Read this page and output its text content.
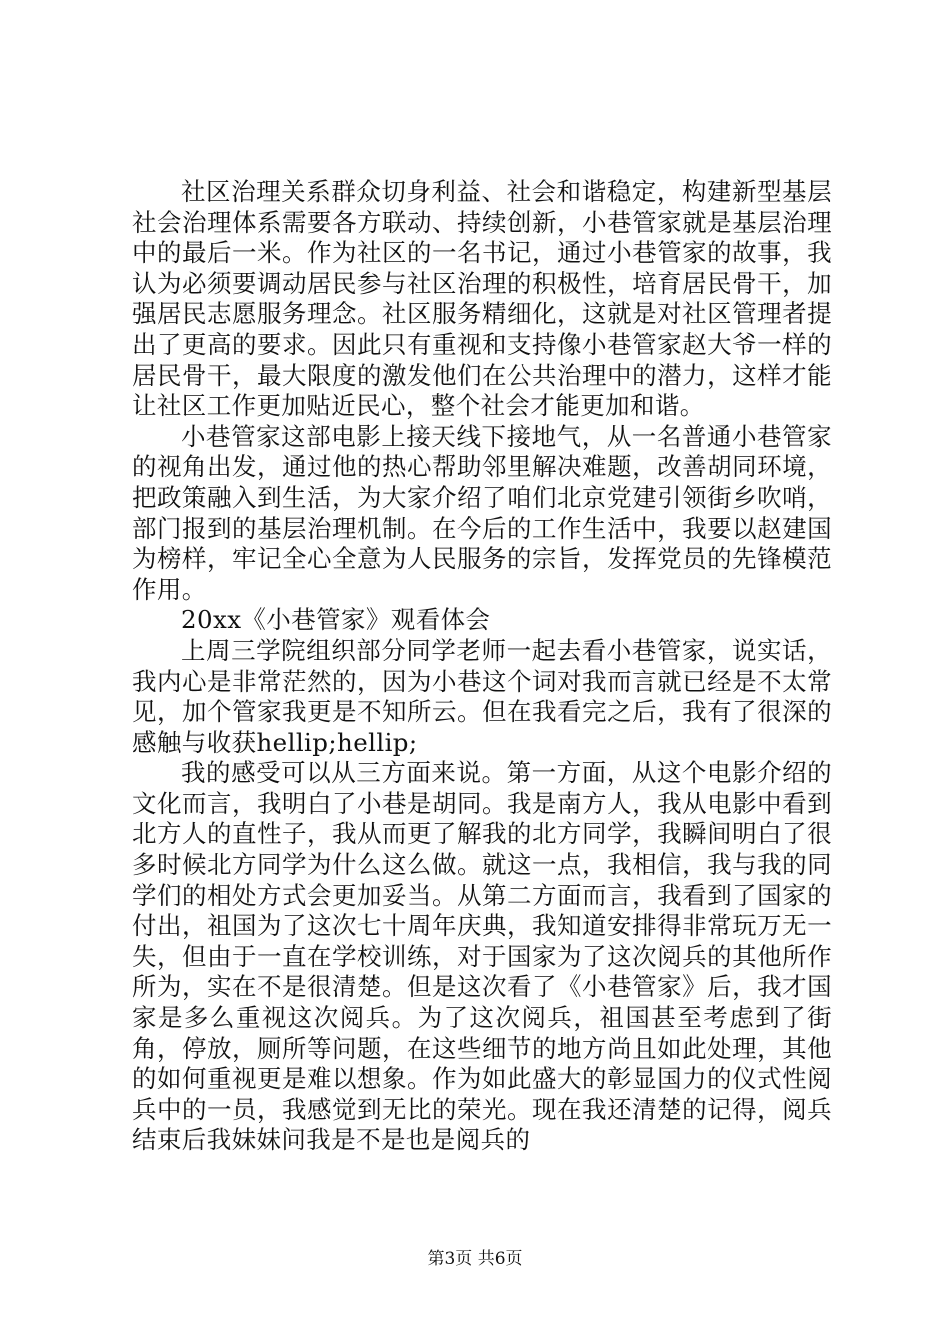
社区治理关系群众切身利益、社会和谐稳定，构建新型基层社会治理体系需要各方联动、持续创新，小巷管家就是基层治理中的最后一米。作为社区的一名书记，通过小巷管家的故事，我认为必须要调动居民参与社区治理的积极性，培育居民骨干，加强居民志愿服务理念。社区服务精细化，这就是对社区管理者提出了更高的要求。因此只有重视和支持像小巷管家赵大爷一样的居民骨干，最大限度的激发他们在公共治理中的潜力，这样才能让社区工作更加贴近民心，整个社会才能更加和谐。

小巷管家这部电影上接天线下接地气，从一名普通小巷管家的视角出发，通过他的热心帮助邻里解决难题，改善胡同环境，把政策融入到生活，为大家介绍了咱们北京党建引领街乡吹哨，部门报到的基层治理机制。在今后的工作生活中，我要以赵建国为榜样，牢记全心全意为人民服务的宗旨，发挥党员的先锋模范作用。

20xx《小巷管家》观看体会

上周三学院组织部分同学老师一起去看小巷管家，说实话，我内心是非常茫然的，因为小巷这个词对我而言就已经是不太常见，加个管家我更是不知所云。但在我看完之后，我有了很深的感触与收获hellip;hellip;

我的感受可以从三方面来说。第一方面，从这个电影介绍的文化而言，我明白了小巷是胡同。我是南方人，我从电影中看到北方人的直性子，我从而更了解我的北方同学，我瞬间明白了很多时候北方同学为什么这么做。就这一点，我相信，我与我的同学们的相处方式会更加妥当。从第二方面而言，我看到了国家的付出，祖国为了这次七十周年庆典，我知道安排得非常玩万无一失，但由于一直在学校训练，对于国家为了这次阅兵的其他所作所为，实在不是很清楚。但是这次看了《小巷管家》后，我才国家是多么重视这次阅兵。为了这次阅兵，祖国甚至考虑到了街角，停放，厕所等问题，在这些细节的地方尚且如此处理，其他的如何重视更是难以想象。作为如此盛大的彰显国力的仪式性阅兵中的一员，我感觉到无比的荣光。现在我还清楚的记得，阅兵结束后我妹妹问我是不是也是阅兵的

第3页 共6页
